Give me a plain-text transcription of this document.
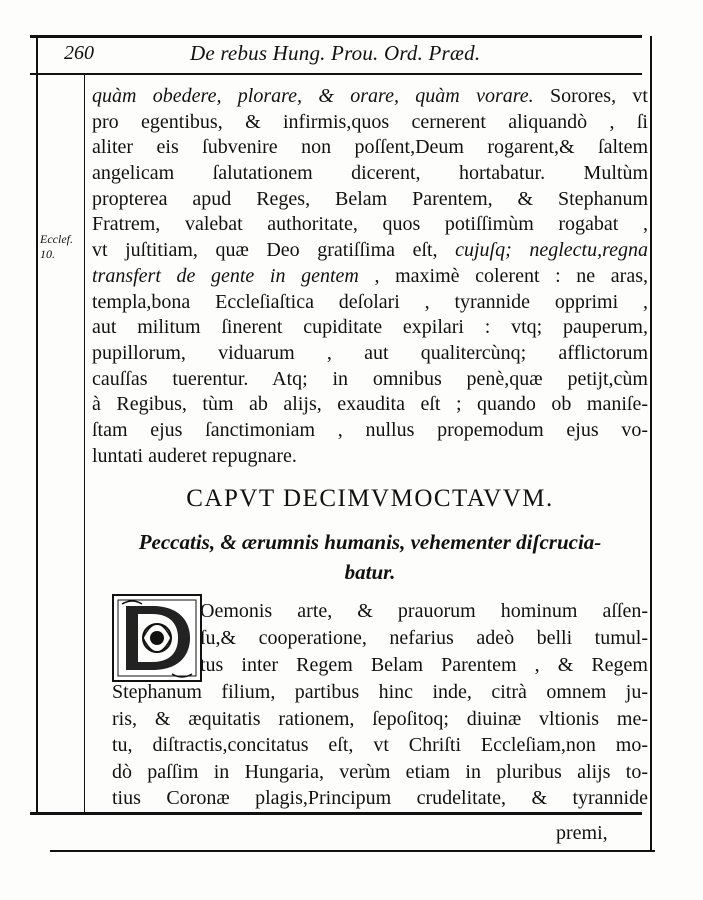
260	De rebus Hung. Prou. Ord. Præd.
Ecclef.
10.
quàm obedere, plorare, & orare, quàm vorare. Sorores, vt
pro egentibus, & infirmis,quos cernerent aliquandò , ſi
aliter eis ſubvenire non poſſent,Deum rogarent,& ſaltem
angelicam ſalutationem dicerent, hortabatur. Multùm
propterea apud Reges, Belam Parentem, & Stephanum
Fratrem, valebat authoritate, quos potiſſimùm rogabat ,
vt juſtitiam, quæ Deo gratiſſima eſt, cujuſq; neglectu,regna
transfert de gente in gentem , maximè colerent : ne aras,
templa,bona Eccleſiaſtica deſolari , tyrannide opprimi ,
aut militum ſinerent cupiditate expilari : vtq; pauperum,
pupillorum, viduarum , aut qualitercùnq; afflictorum
cauſſas tuerentur. Atq; in omnibus penè,quæ petijt,cùm
à Regibus, tùm ab alijs, exaudita eſt ; quando ob maniſe-
ſtam ejus ſanctimoniam , nullus propemodum ejus vo-
luntati auderet repugnare.
CAPVT DECIMVMOCTAVVM.
Peccatis, & ærumnis humanis, vehementer diſcrucia-
batur.
Oemonis arte, & prauorum hominum aſſen-
ſu,& cooperatione, nefarius adeò belli tumul-
tus inter Regem Belam Parentem , & Regem
Stephanum filium, partibus hinc inde, citrà omnem ju-
ris, & æquitatis rationem, ſepoſitoq; diuinæ vltionis me-
tu, diſtractis,concitatus eſt, vt Chriſti Eccleſiam,non mo-
dò paſſim in Hungaria, verùm etiam in pluribus alijs to-
tius Coronæ plagis,Principum crudelitate, & tyrannide
premi,
